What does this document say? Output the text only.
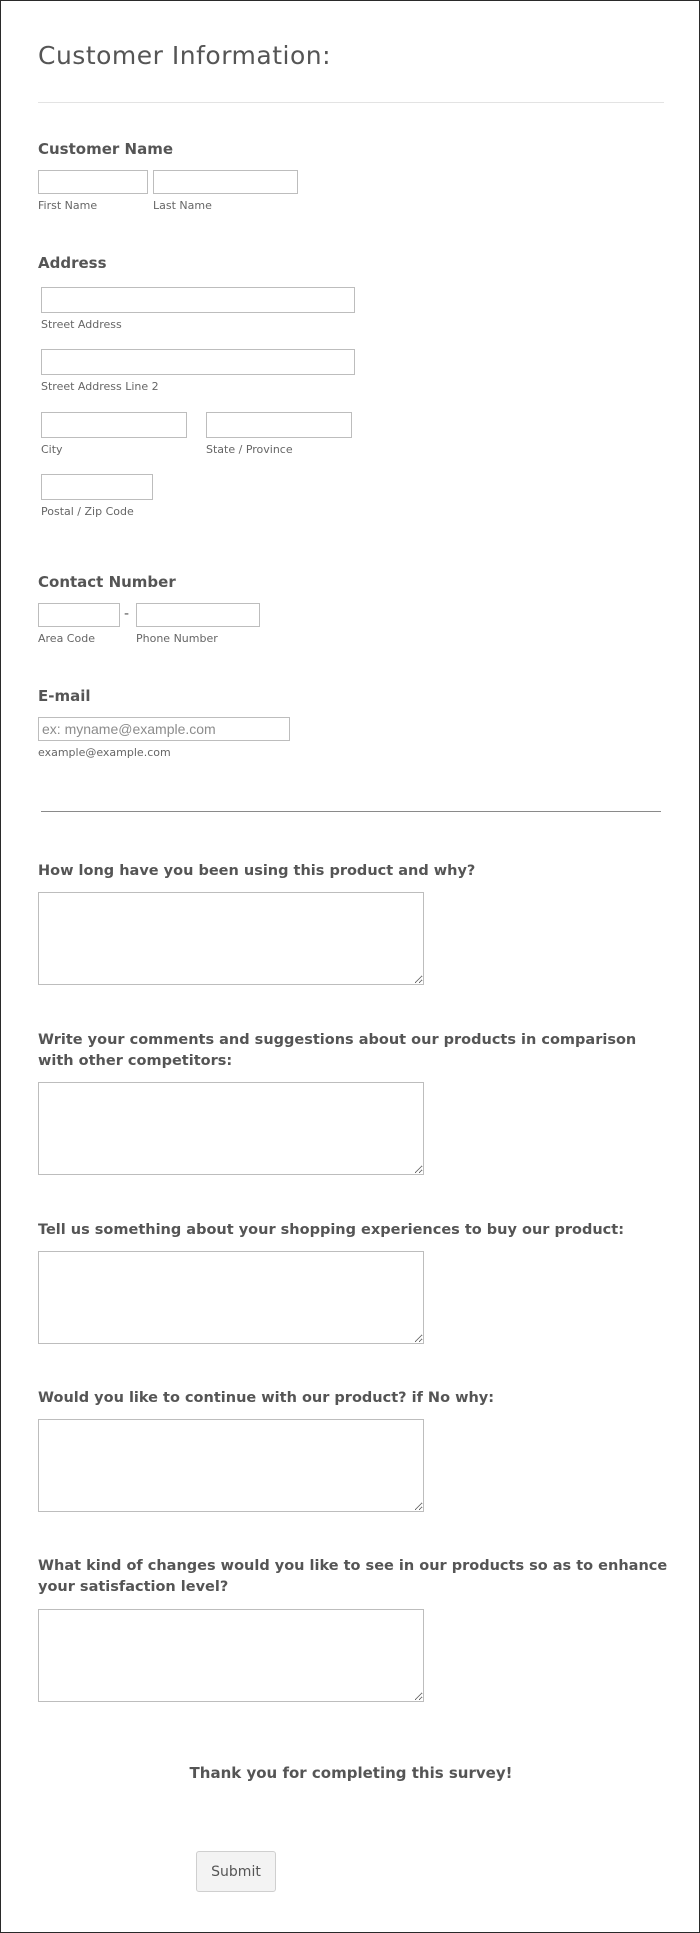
Customer Information:
Customer Name
First Name	Last Name
Address
Street Address
Street Address Line 2
City	State / Province
Postal / Zip Code
Contact Number
-
Area Code	Phone Number
E-mail
ex: myname@example.com
example@example.com
How long have you been using this product and why?
Write your comments and suggestions about our products in comparison with other competitors:
Tell us something about your shopping experiences to buy our product:
Would you like to continue with our product? if No why:
What kind of changes would you like to see in our products so as to enhance your satisfaction level?
Thank you for completing this survey!
Submit
